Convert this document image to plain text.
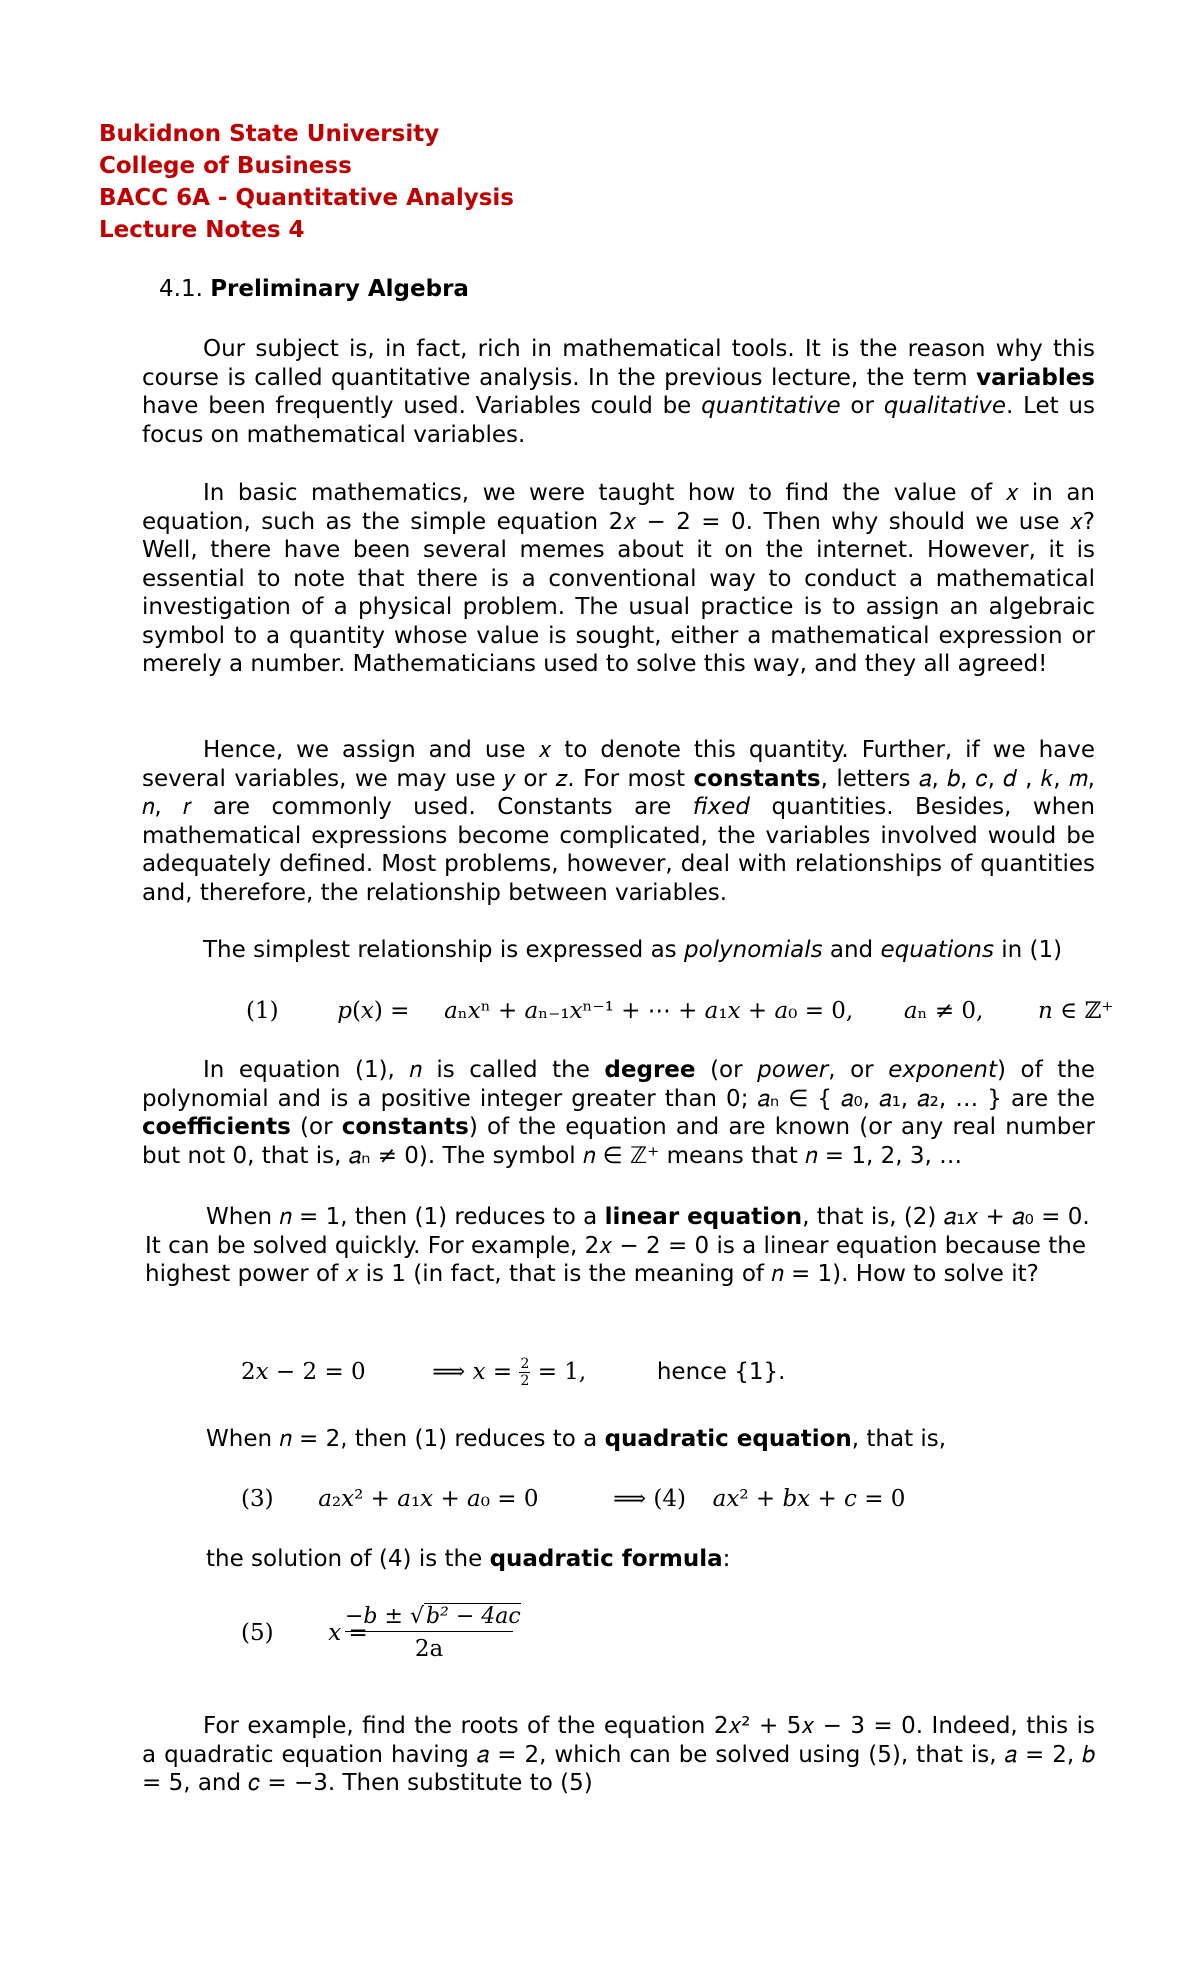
Bukidnon State University
College of Business
BACC 6A - Quantitative Analysis
Lecture Notes 4
4.1. Preliminary Algebra
Our subject is, in fact, rich in mathematical tools. It is the reason why this course is called quantitative analysis. In the previous lecture, the term variables have been frequently used. Variables could be quantitative or qualitative. Let us focus on mathematical variables.
In basic mathematics, we were taught how to find the value of 𝑥 in an equation, such as the simple equation 2𝑥 − 2 = 0. Then why should we use 𝑥? Well, there have been several memes about it on the internet. However, it is essential to note that there is a conventional way to conduct a mathematical investigation of a physical problem. The usual practice is to assign an algebraic symbol to a quantity whose value is sought, either a mathematical expression or merely a number. Mathematicians used to solve this way, and they all agreed!
Hence, we assign and use 𝑥 to denote this quantity. Further, if we have several variables, we may use 𝑦 or 𝑧. For most constants, letters 𝑎, 𝑏, 𝑐, 𝑑 , 𝑘, 𝑚, 𝑛, 𝑟 are commonly used. Constants are fixed quantities. Besides, when mathematical expressions become complicated, the variables involved would be adequately defined. Most problems, however, deal with relationships of quantities and, therefore, the relationship between variables.
The simplest relationship is expressed as polynomials and equations in (1)
(1)	𝑝(𝑥) =  𝑎ₙ𝑥ⁿ + 𝑎ₙ₋₁𝑥ⁿ⁻¹ + ⋯ + 𝑎₁𝑥 + 𝑎₀ = 0, 𝑎ₙ ≠ 0, 𝑛 ∈ ℤ⁺
In equation (1), 𝑛 is called the degree (or power, or exponent) of the polynomial and is a positive integer greater than 0; 𝑎ₙ ∈ { 𝑎₀, 𝑎₁, 𝑎₂, … } are the coefficients (or constants) of the equation and are known (or any real number but not 0, that is, 𝑎ₙ ≠ 0). The symbol 𝑛 ∈ ℤ⁺ means that 𝑛 = 1, 2, 3, …
When 𝑛 = 1, then (1) reduces to a linear equation, that is, (2) 𝑎₁𝑥 + 𝑎₀ = 0. It can be solved quickly. For example, 2𝑥 − 2 = 0 is a linear equation because the highest power of 𝑥 is 1 (in fact, that is the meaning of 𝑛 = 1). How to solve it?
2𝑥 − 2 = 0	⟹ 𝑥 = $\frac{2}{2} = 1$,	hence {1}.
When 𝑛 = 2, then (1) reduces to a quadratic equation, that is,
(3) 𝑎₂𝑥² + 𝑎₁𝑥 + 𝑎₀ = 0	⟹ (4) 𝑎𝑥² + 𝑏𝑥 + 𝑐 = 0
the solution of (4) is the quadratic formula:
(5) 𝑥 =
$\frac{\text{−b ± √b² − 4ac}}{2a}$
For example, find the roots of the equation 2𝑥² + 5𝑥 − 3 = 0. Indeed, this is a quadratic equation having 𝑎 = 2, which can be solved using (5), that is, 𝑎 = 2, 𝑏 = 5, and 𝑐 = −3. Then substitute to (5)
